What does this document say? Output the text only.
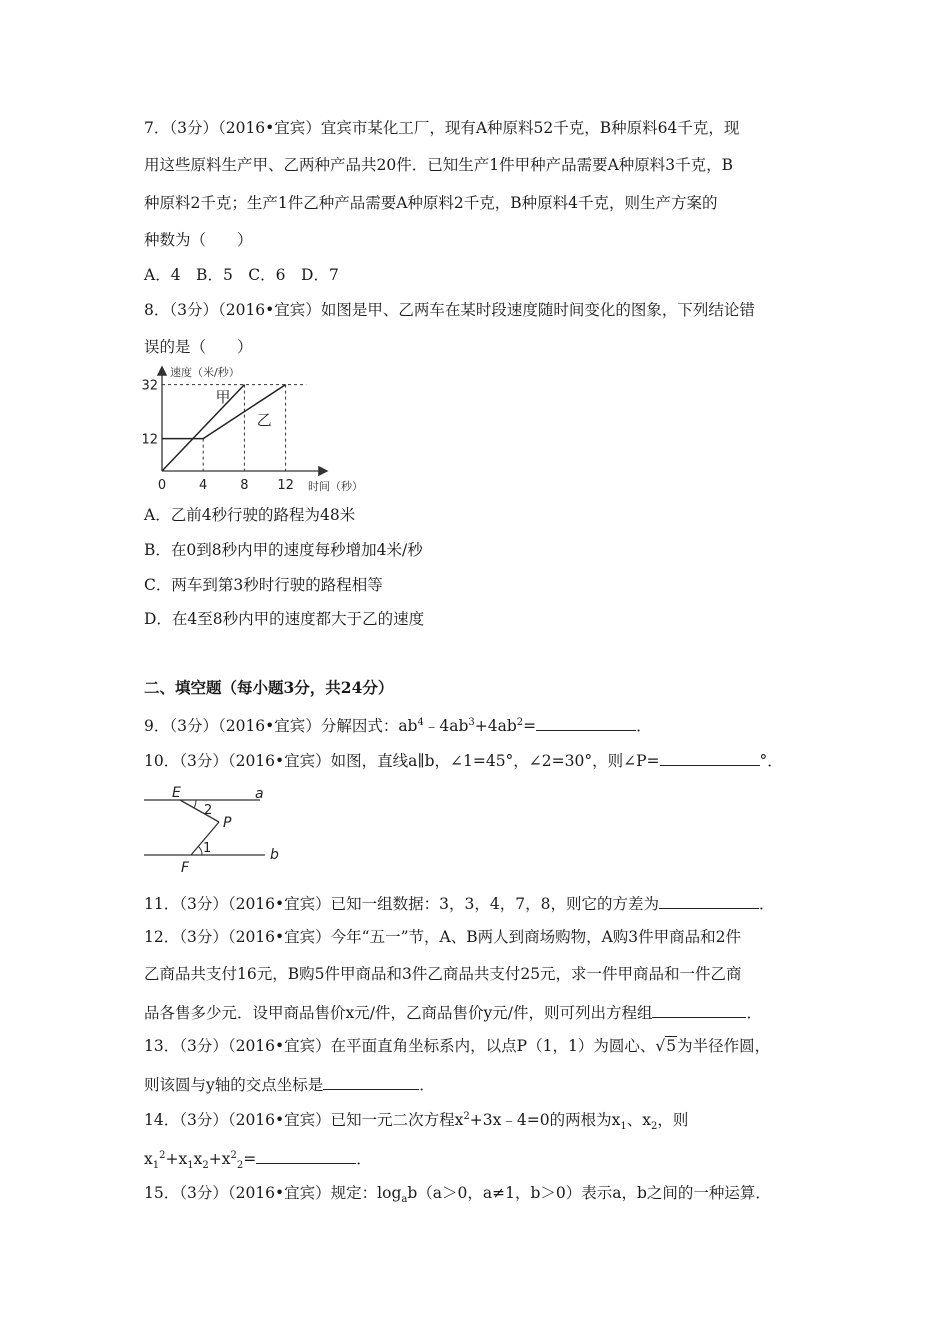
7．（3分）（2016•宜宾）宜宾市某化工厂，现有A种原料52千克，B种原料64千克，现
用这些原料生产甲、乙两种产品共20件．已知生产1件甲种产品需要A种原料3千克，B
种原料2千克；生产1件乙种产品需要A种原料2千克，B种原料4千克，则生产方案的
种数为（　　）
A．4　B．5　C．6　D．7
8．（3分）（2016•宜宾）如图是甲、乙两车在某时段速度随时间变化的图象，下列结论错
误的是（　　）
甲
乙
0	4	8 12
12
32
速度（米/秒）
时间（秒）
A．乙前4秒行驶的路程为48米
B．在0到8秒内甲的速度每秒增加4米/秒
C．两车到第3秒时行驶的路程相等
D．在4至8秒内甲的速度都大于乙的速度
二、填空题（每小题3分，共24分）
9．（3分）（2016•宜宾）分解因式：$ab^4﹣4ab^3+4ab^2=$	．
10．（3分）（2016•宜宾）如图，直线a∥b，∠1=45°，∠2=30°，则∠P=	°．
E	a
2
P
1
F
b
11．（3分）（2016•宜宾）已知一组数据：3，3，4，7，8，则它的方差为	．
12．（3分）（2016•宜宾）今年“五一”节，A、B两人到商场购物，A购3件甲商品和2件
乙商品共支付16元，B购5件甲商品和3件乙商品共支付25元，求一件甲商品和一件乙商
品各售多少元．设甲商品售价x元/件，乙商品售价y元/件，则可列出方程组	．
13．（3分）（2016•宜宾）在平面直角坐标系内，以点P（1，1）为圆心、√5为半径作圆，
则该圆与y轴的交点坐标是	．
14．（3分）（2016•宜宾）已知一元二次方程$x^2+3x﹣4=0$的两根为$x_1$、$x_2$，则
$x_1^2+x_1x_2+x^2_2=$	．
15．（3分）（2016•宜宾）规定：$\log_ab(a>0$，a≠1，b＞0）表示a，b之间的一种运算．
